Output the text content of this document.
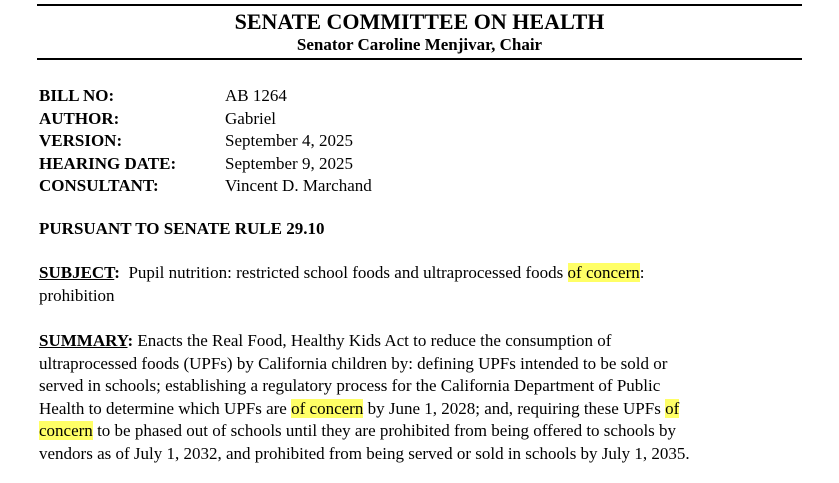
SENATE COMMITTEE ON HEALTH
Senator Caroline Menjivar, Chair
BILL NO:	AB 1264
AUTHOR:	Gabriel
VERSION:	September 4, 2025
HEARING DATE:	September 9, 2025
CONSULTANT:	Vincent D. Marchand
PURSUANT TO SENATE RULE 29.10
SUBJECT:  Pupil nutrition: restricted school foods and ultraprocessed foods of concern:
prohibition
SUMMARY: Enacts the Real Food, Healthy Kids Act to reduce the consumption of
ultraprocessed foods (UPFs) by California children by: defining UPFs intended to be sold or
served in schools; establishing a regulatory process for the California Department of Public
Health to determine which UPFs are of concern by June 1, 2028; and, requiring these UPFs of
concern to be phased out of schools until they are prohibited from being offered to schools by
vendors as of July 1, 2032, and prohibited from being served or sold in schools by July 1, 2035.
